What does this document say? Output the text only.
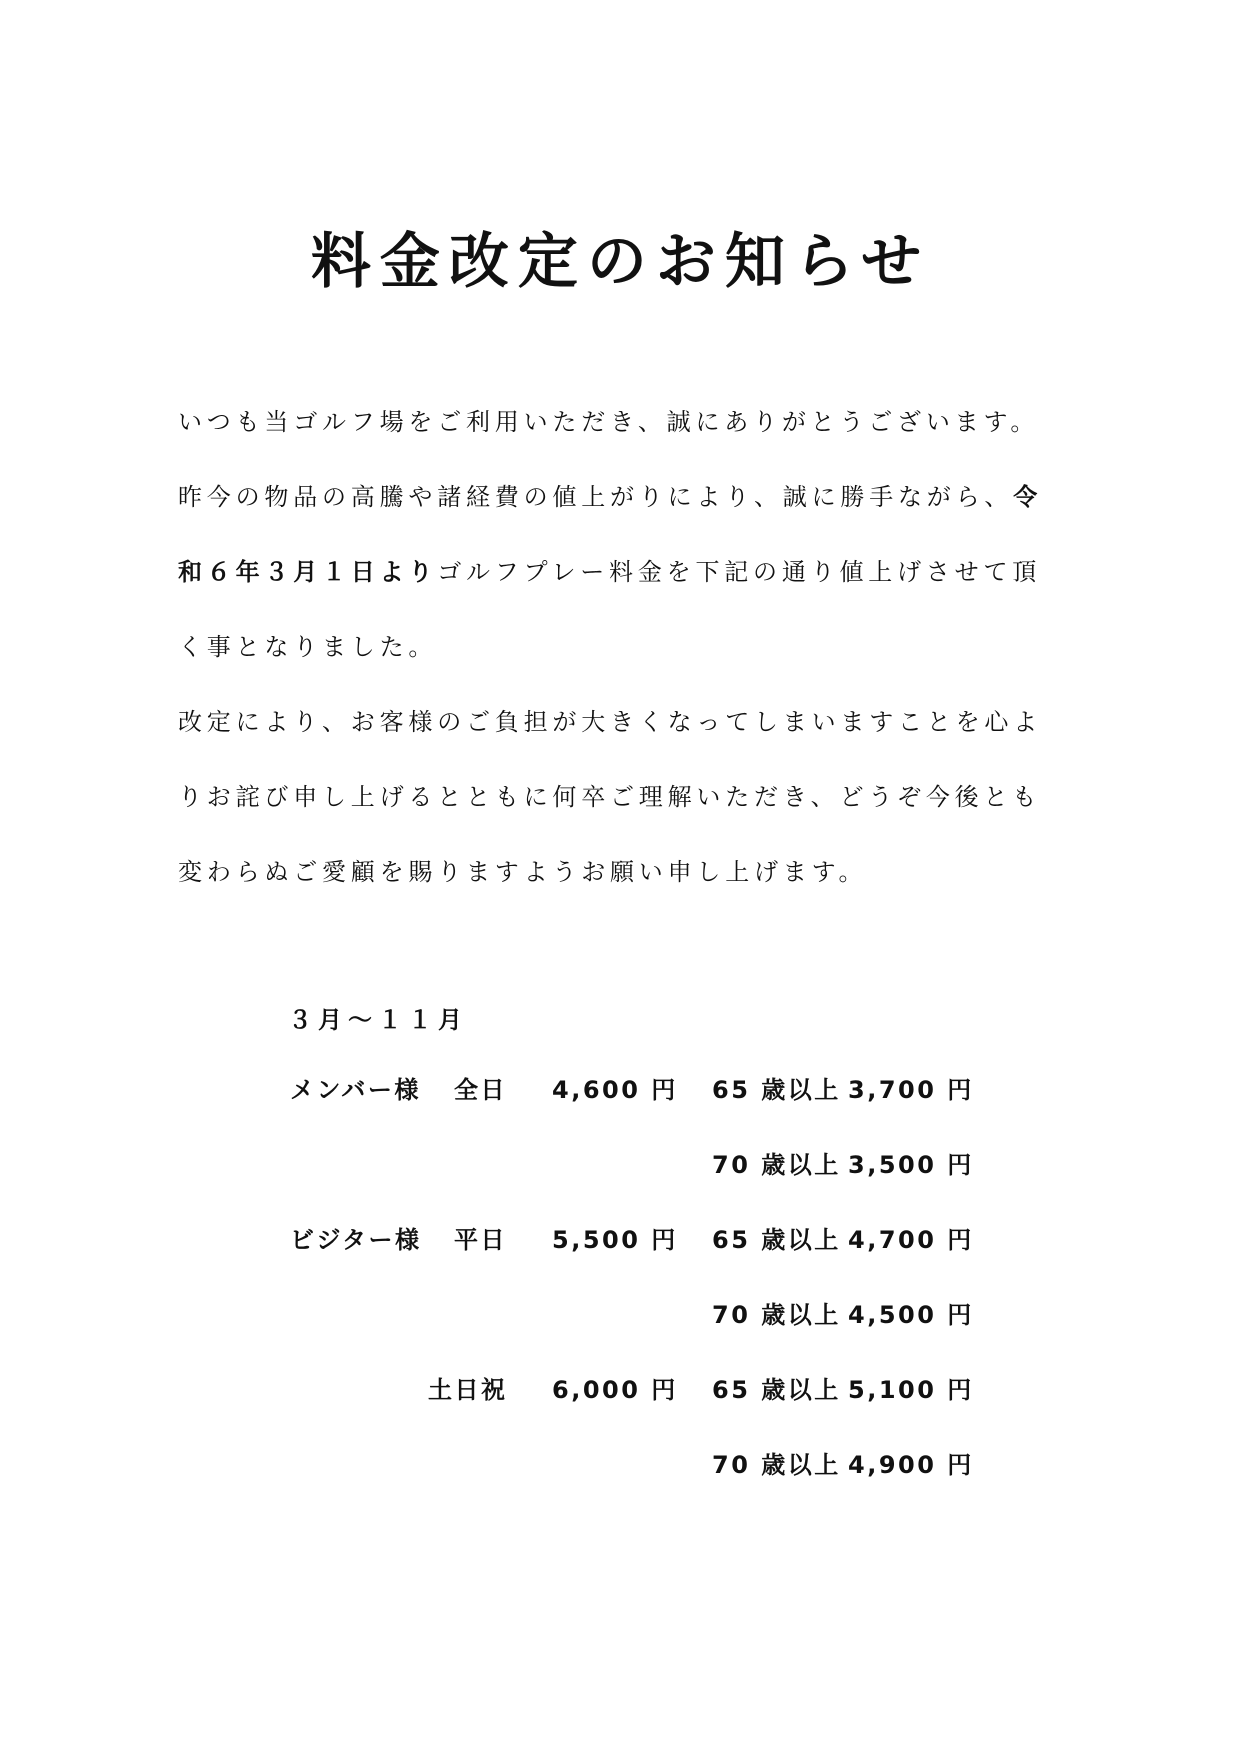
料金改定のお知らせ

いつも当ゴルフ場をご利用いただき、誠にありがとうございます。

昨今の物品の高騰や諸経費の値上がりにより、誠に勝手ながら、令和６年３月１日よりゴルフプレー料金を下記の通り値上げさせて頂く事となりました。

改定により、お客様のご負担が大きくなってしまいますことを心よりお詫び申し上げるとともに何卒ご理解いただき、どうぞ今後とも変わらぬご愛顧を賜りますようお願い申し上げます。

３月～１１月
メンバー様 全日 4,600 円 65 歳以上 3,700 円
70 歳以上 3,500 円
ビジター様 平日 5,500 円 65 歳以上 4,700 円
70 歳以上 4,500 円
土日祝 6,000 円 65 歳以上 5,100 円
70 歳以上 4,900 円
